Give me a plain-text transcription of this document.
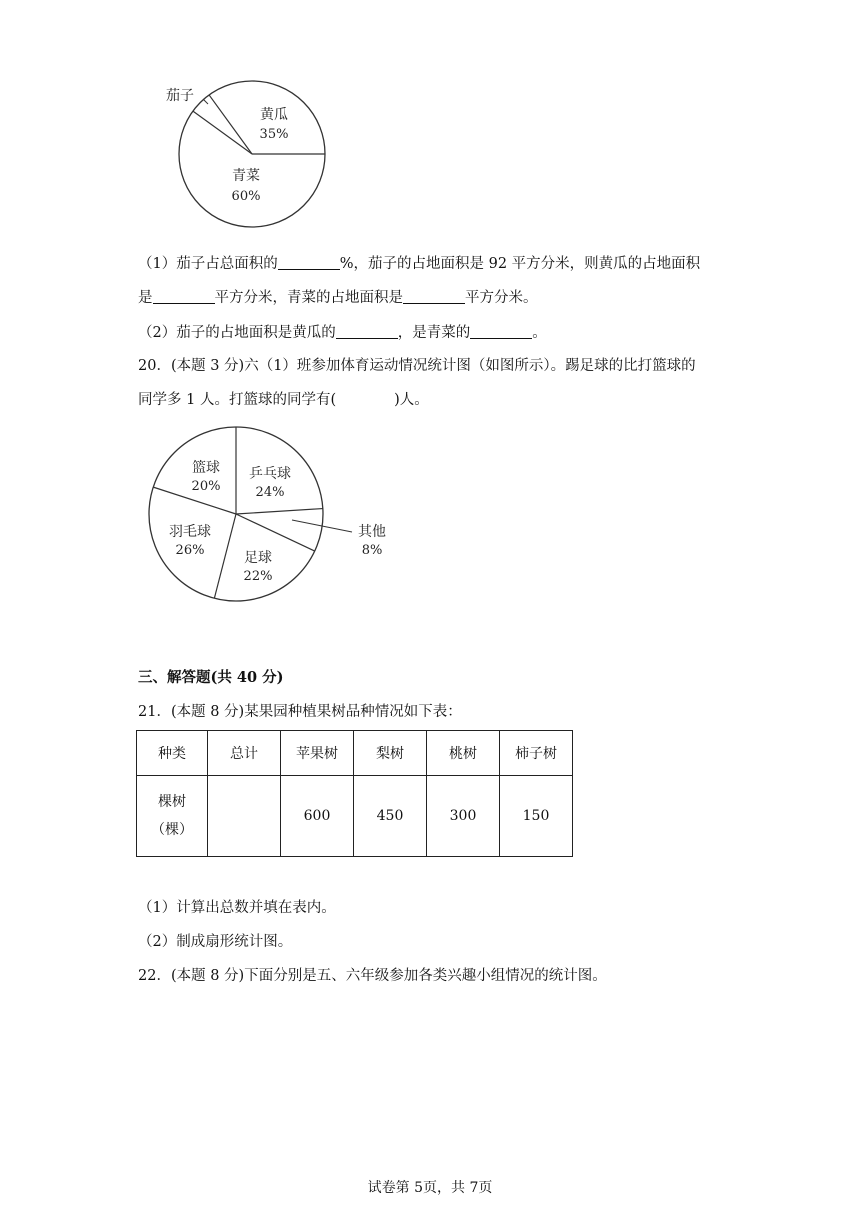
茄子
黄瓜
35%
青菜
60%
（1）茄子占总面积的	%，茄子的占地面积是 92 平方分米，则黄瓜的占地面积
是	平方分米，青菜的占地面积是	平方分米。
（2）茄子的占地面积是黄瓜的	，是青菜的	。
20．(本题 3 分)六（1）班参加体育运动情况统计图（如图所示）。踢足球的比打篮球的
同学多 1 人。打篮球的同学有(	)人。
篮球
20%
乒乓球
24%
羽毛球
26%	足球
22%
其他
8%
三、解答题(共 40 分)
21．(本题 8 分)某果园种植果树品种情况如下表：
种类	总计	苹果树	梨树	桃树	柿子树

棵树
（棵）		600	450	300	150
（1）计算出总数并填在表内。
（2）制成扇形统计图。
22．(本题 8 分)下面分别是五、六年级参加各类兴趣小组情况的统计图。
试卷第 5页，共 7页
